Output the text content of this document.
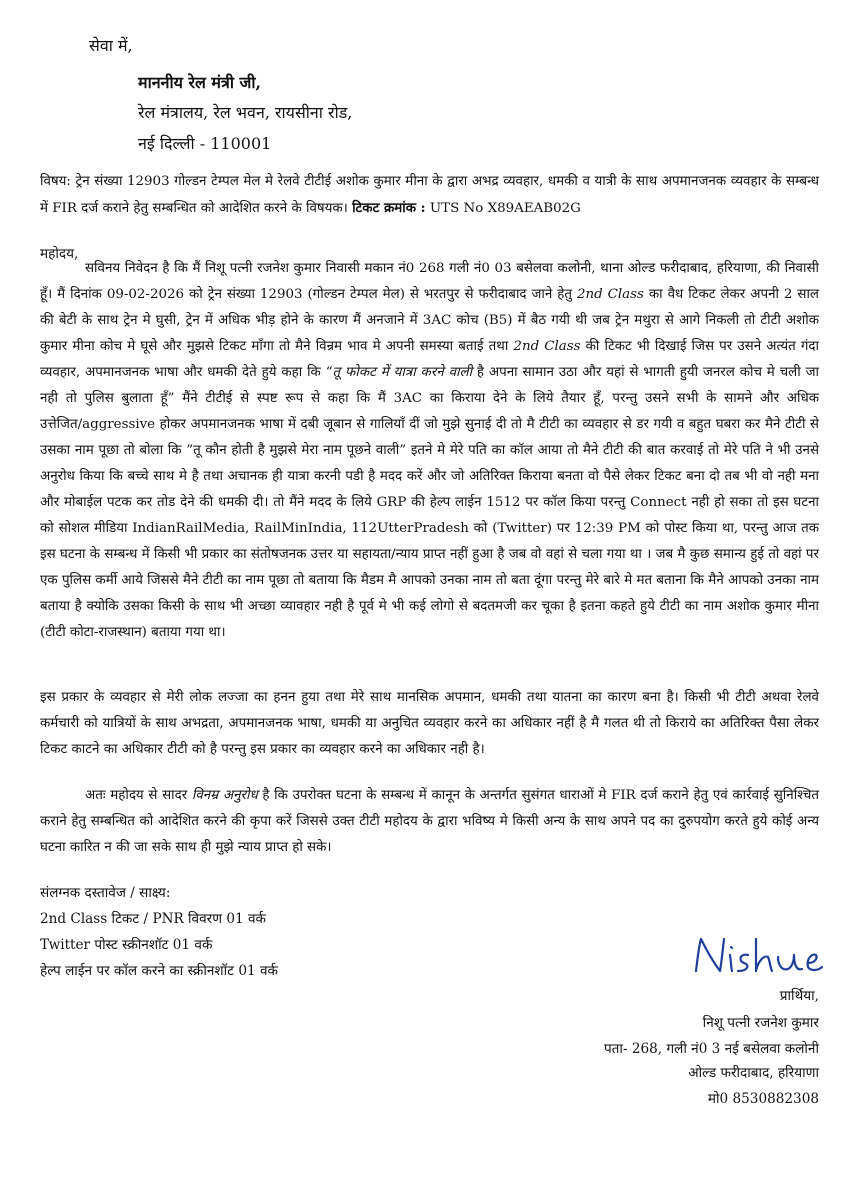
सेवा में,
माननीय रेल मंत्री जी,
रेल मंत्रालय, रेल भवन, रायसीना रोड,
नई दिल्ली - 110001
विषय: ट्रेन संख्या 12903 गोल्डन टेम्पल मेल मे रेलवे टीटीई अशोक कुमार मीना के द्वारा अभद्र व्यवहार, धमकी व यात्री के साथ अपमानजनक व्यवहार के सम्बन्ध में FIR दर्ज कराने हेतु सम्बन्धित को आदेशित करने के विषयक। टिकट क्रमांक : UTS No X89AEAB02G
महोदय,

सविनय निवेदन है कि मैं निशू पत्नी रजनेश कुमार निवासी मकान नं0 268 गली नं0 03 बसेलवा कलोनी, थाना ओल्ड फरीदाबाद, हरियाणा, की निवासी हूँ। मैं दिनांक 09-02-2026 को ट्रेन संख्या 12903 (गोल्डन टेम्पल मेल) से भरतपुर से फरीदाबाद जाने हेतु 2nd Class का वैध टिकट लेकर अपनी 2 साल की बेटी के साथ ट्रेन मे घुसी, ट्रेन में अधिक भीड़ होने के कारण मैं अनजाने में 3AC कोच (B5) में बैठ गयी थी जब ट्रेन मथुरा से आगे निकली तो टीटी अशोक कुमार मीना कोच मे घूसे और मुझसे टिकट माँगा तो मैने विन्रम भाव मे अपनी समस्या बताई तथा 2nd Class की टिकट भी दिखाई जिस पर उसने अत्यंत गंदा व्यवहार, अपमानजनक भाषा और धमकी देते हुये कहा कि “तू फोकट में यात्रा करने वाली है अपना सामान उठा और यहां से भागती हुयी जनरल कोच मे चली जा नही तो पुलिस बुलाता हूँ” मैंने टीटीई से स्पष्ट रूप से कहा कि मैं 3AC का किराया देने के लिये तैयार हूँ, परन्तु उसने सभी के सामने और अधिक उत्तेजित/aggressive होकर अपमानजनक भाषा में दबी जूबान से गालियाँ दीं जो मुझे सुनाई दी तो मै टीटी का व्यवहार से डर गयी व बहुत घबरा कर मैने टीटी से उसका नाम पूछा तो बोला कि ”तू कौन होती है मुझसे मेरा नाम पूछने वाली” इतने मे मेरे पति का कॉल आया तो मैने टीटी की बात करवाई तो मेरे पति ने भी उनसे अनुरोध किया कि बच्चे साथ मे है तथा अचानक ही यात्रा करनी पडी है मदद करें और जो अतिरिक्त किराया बनता वो पैसे लेकर टिकट बना दो तब भी वो नही मना और मोबाईल पटक कर तोड देने की धमकी दी। तो मैंने मदद के लिये GRP की हेल्प लाईन 1512 पर कॉल किया परन्तु Connect नही हो सका तो इस घटना को सोशल मीडिया IndianRailMedia, RailMinIndia, 112UtterPradesh को (Twitter) पर 12:39 PM को पोस्ट किया था, परन्तु आज तक इस घटना के सम्बन्ध में किसी भी प्रकार का संतोषजनक उत्तर या सहायता/न्याय प्राप्त नहीं हुआ है जब वो वहां से चला गया था । जब मै कुछ समान्य हुई तो वहां पर एक पुलिस कर्मी आये जिससे मैने टीटी का नाम पूछा तो बताया कि मैडम मै आपको उनका नाम तो बता दूंगा परन्तु मेरे बारे मे मत बताना कि मैने आपको उनका नाम बताया है क्योकि उसका किसी के साथ भी अच्छा व्यावहार नही है पूर्व मे भी कई लोगो से बदतमजी कर चूका है इतना कहते हुये टीटी का नाम अशोक कुमार मीना (टीटी कोटा-राजस्थान) बताया गया था।

इस प्रकार के व्यवहार से मेरी लोक लज्जा का हनन हुया तथा मेरे साथ मानसिक अपमान, धमकी तथा यातना का कारण बना है। किसी भी टीटी अथवा रेलवे कर्मचारी को यात्रियों के साथ अभद्रता, अपमानजनक भाषा, धमकी या अनुचित व्यवहार करने का अधिकार नहीं है मै गलत थी तो किराये का अतिरिक्त पैसा लेकर टिकट काटने का अधिकार टीटी को है परन्तु इस प्रकार का व्यवहार करने का अधिकार नही है।

अतः महोदय से सादर विनम्र अनुरोध है कि उपरोक्त घटना के सम्बन्ध में कानून के अन्तर्गत सुसंगत धाराओं मे FIR दर्ज कराने हेतु एवं कार्रवाई सुनिश्चित कराने हेतु सम्बन्धित को आदेशित करने की कृपा करें जिससे उक्त टीटी महोदय के द्वारा भविष्य मे किसी अन्य के साथ अपने पद का दुरुपयोग करते हुये कोई अन्य घटना कारित न की जा सके साथ ही मुझे न्याय प्राप्त हो सके।

संलग्नक दस्तावेज / साक्ष्य:
2nd Class टिकट / PNR विवरण 01 वर्क
Twitter पोस्ट स्क्रीनशॉट 01 वर्क
हेल्प लाईन पर कॉल करने का स्क्रीनशॉट 01 वर्क
प्रार्थिया,
निशू पत्नी रजनेश कुमार
पता- 268, गली नं0 3 नई बसेलवा कलोनी
ओल्ड फरीदाबाद, हरियाणा
मो0 8530882308
